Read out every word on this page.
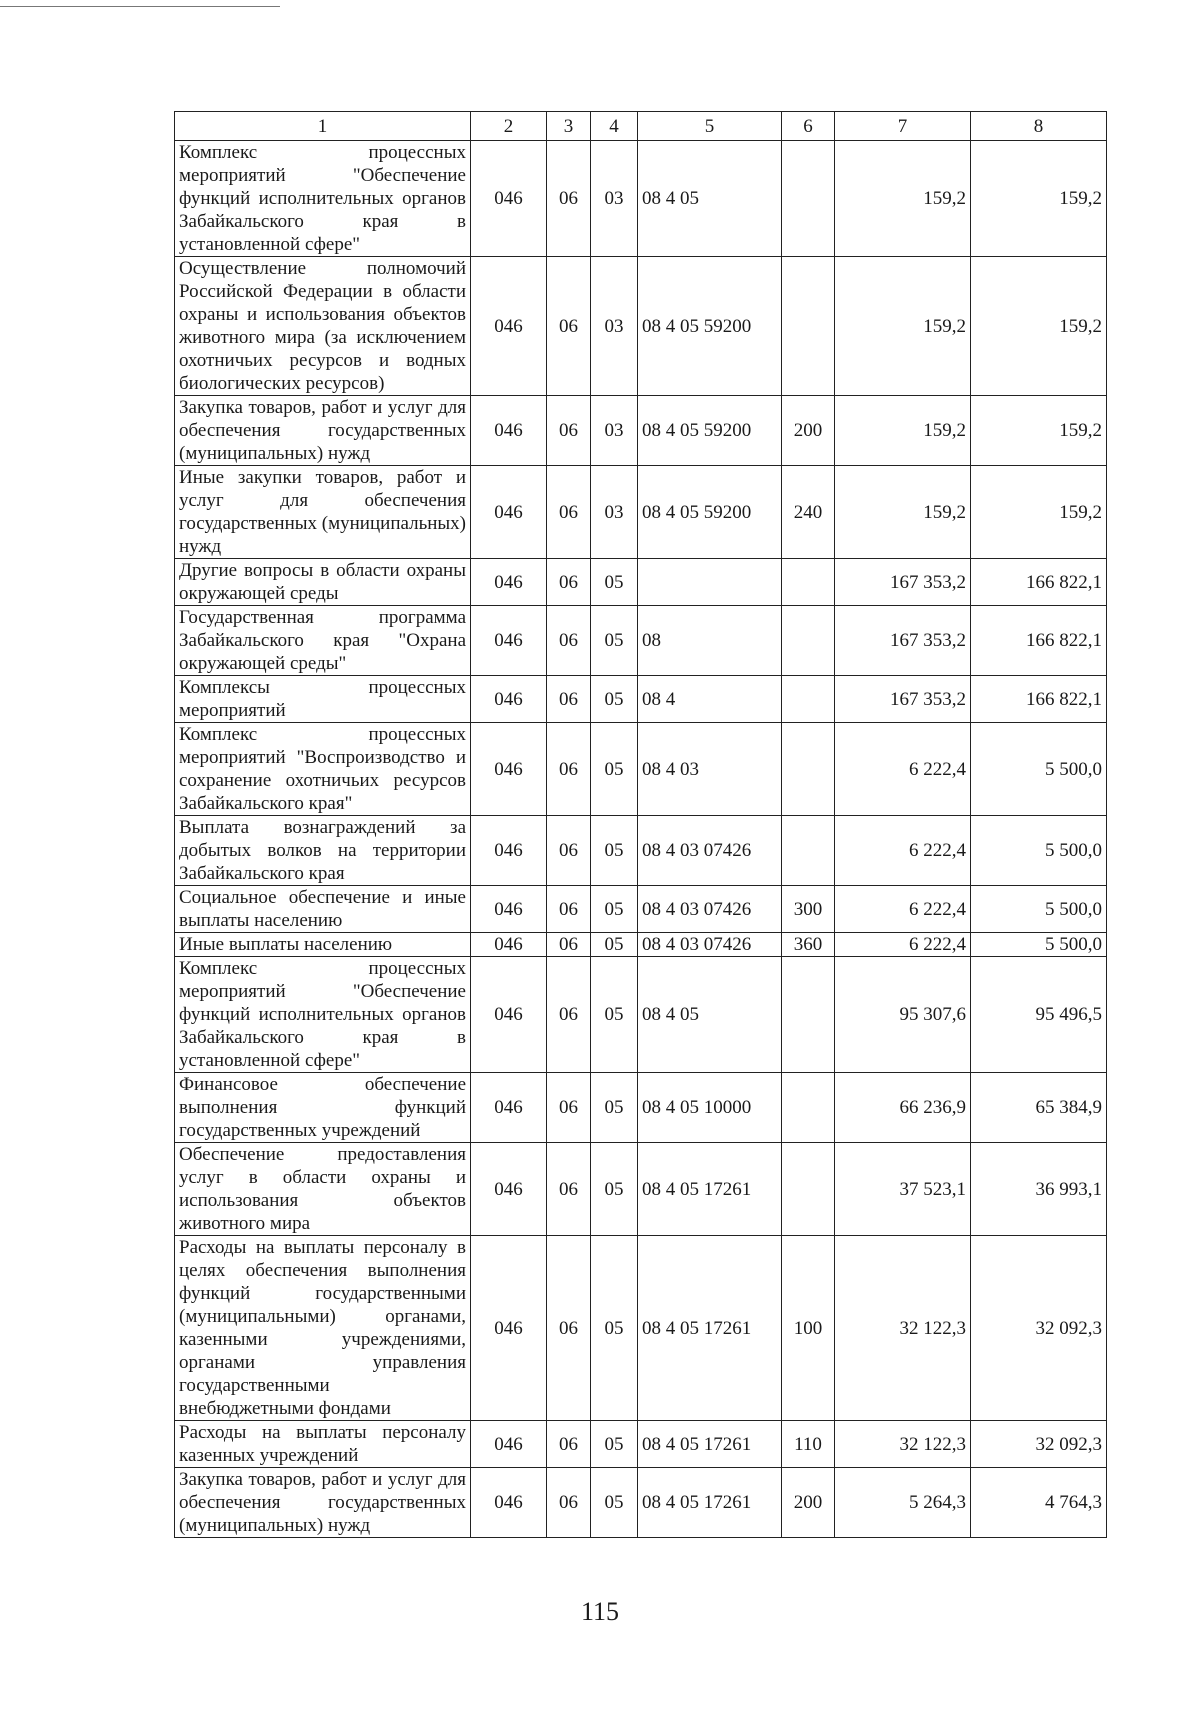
1	2	3	4	5	6	7	8
Комплекс процессных мероприятий "Обеспечение функций исполнительных органов Забайкальского края в установленной сфере"	046	06	03	08 4 05		159,2	159,2
Осуществление полномочий Российской Федерации в области охраны и использования объектов животного мира (за исключением охотничьих ресурсов и водных биологических ресурсов)	046	06	03	08 4 05 59200		159,2	159,2
Закупка товаров, работ и услуг для обеспечения государственных (муниципальных) нужд	046	06	03	08 4 05 59200	200	159,2	159,2
Иные закупки товаров, работ и услуг для обеспечения государственных (муниципальных) нужд	046	06	03	08 4 05 59200	240	159,2	159,2
Другие вопросы в области охраны окружающей среды	046	06	05			167 353,2	166 822,1
Государственная программа Забайкальского края "Охрана окружающей среды"	046	06	05	08		167 353,2	166 822,1
Комплексы процессных мероприятий	046	06	05	08 4		167 353,2	166 822,1
Комплекс процессных мероприятий "Воспроизводство и сохранение охотничьих ресурсов Забайкальского края"	046	06	05	08 4 03		6 222,4	5 500,0
Выплата вознаграждений за добытых волков на территории Забайкальского края	046	06	05	08 4 03 07426		6 222,4	5 500,0
Социальное обеспечение и иные выплаты населению	046	06	05	08 4 03 07426	300	6 222,4	5 500,0
Иные выплаты населению	046	06	05	08 4 03 07426	360	6 222,4	5 500,0
Комплекс процессных мероприятий "Обеспечение функций исполнительных органов Забайкальского края в установленной сфере"	046	06	05	08 4 05		95 307,6	95 496,5
Финансовое обеспечение выполнения функций государственных учреждений	046	06	05	08 4 05 10000		66 236,9	65 384,9
Обеспечение предоставления услуг в области охраны и использования объектов животного мира	046	06	05	08 4 05 17261		37 523,1	36 993,1
Расходы на выплаты персоналу в целях обеспечения выполнения функций государственными (муниципальными) органами, казенными учреждениями, органами управления государственными внебюджетными фондами	046	06	05	08 4 05 17261	100	32 122,3	32 092,3
Расходы на выплаты персоналу казенных учреждений	046	06	05	08 4 05 17261	110	32 122,3	32 092,3
Закупка товаров, работ и услуг для обеспечения государственных (муниципальных) нужд	046	06	05	08 4 05 17261	200	5 264,3	4 764,3
115
